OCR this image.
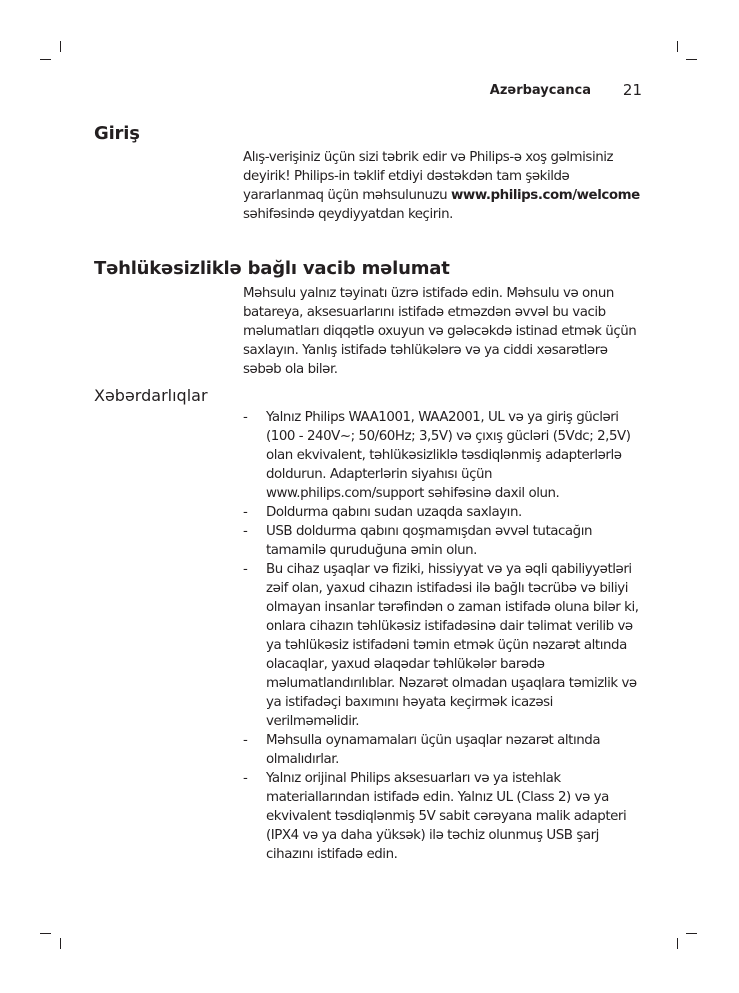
Azərbaycanca 21
Giriş

Alış-verişiniz üçün sizi təbrik edir və Philips-ə xoş gəlmisiniz deyirik! Philips-in təklif etdiyi dəstəkdən tam şəkildə yararlanmaq üçün məhsulunuzu www.philips.com/welcome səhifəsində qeydiyyatdan keçirin.

Təhlükəsizliklə bağlı vacib məlumat

Məhsulu yalnız təyinatı üzrə istifadə edin. Məhsulu və onun batareya, aksesuarlarını istifadə etməzdən əvvəl bu vacib məlumatları diqqətlə oxuyun və gələcəkdə istinad etmək üçün saxlayın. Yanlış istifadə təhlükələrə və ya ciddi xəsarətlərə səbəb ola bilər.

Xəbərdarlıqlar
- Yalnız Philips WAA1001, WAA2001, UL və ya giriş gücləri (100 - 240V~; 50/60Hz; 3,5V) və çıxış gücləri (5Vdc; 2,5V) olan ekvivalent, təhlükəsizliklə təsdiqlənmiş adapterlərlə doldurun. Adapterlərin siyahısı üçün www.philips.com/support səhifəsinə daxil olun.
- Doldurma qabını sudan uzaqda saxlayın.
- USB doldurma qabını qoşmamışdan əvvəl tutacağın tamamilə quruduğuna əmin olun.
- Bu cihaz uşaqlar və fiziki, hissiyyat və ya əqli qabiliyyətləri zəif olan, yaxud cihazın istifadəsi ilə bağlı təcrübə və biliyi olmayan insanlar tərəfindən o zaman istifadə oluna bilər ki, onlara cihazın təhlükəsiz istifadəsinə dair təlimat verilib və ya təhlükəsiz istifadəni təmin etmək üçün nəzarət altında olacaqlar, yaxud əlaqədar təhlükələr barədə məlumatlandırılıblar. Nəzarət olmadan uşaqlara təmizlik və ya istifadəçi baxımını həyata keçirmək icazəsi verilməməlidir.
- Məhsulla oynamamaları üçün uşaqlar nəzarət altında olmalıdırlar.
- Yalnız orijinal Philips aksesuarları və ya istehlak materiallarından istifadə edin. Yalnız UL (Class 2) və ya ekvivalent təsdiqlənmiş 5V sabit cərəyana malik adapteri (IPX4 və ya daha yüksək) ilə təchiz olunmuş USB şarj cihazını istifadə edin.
